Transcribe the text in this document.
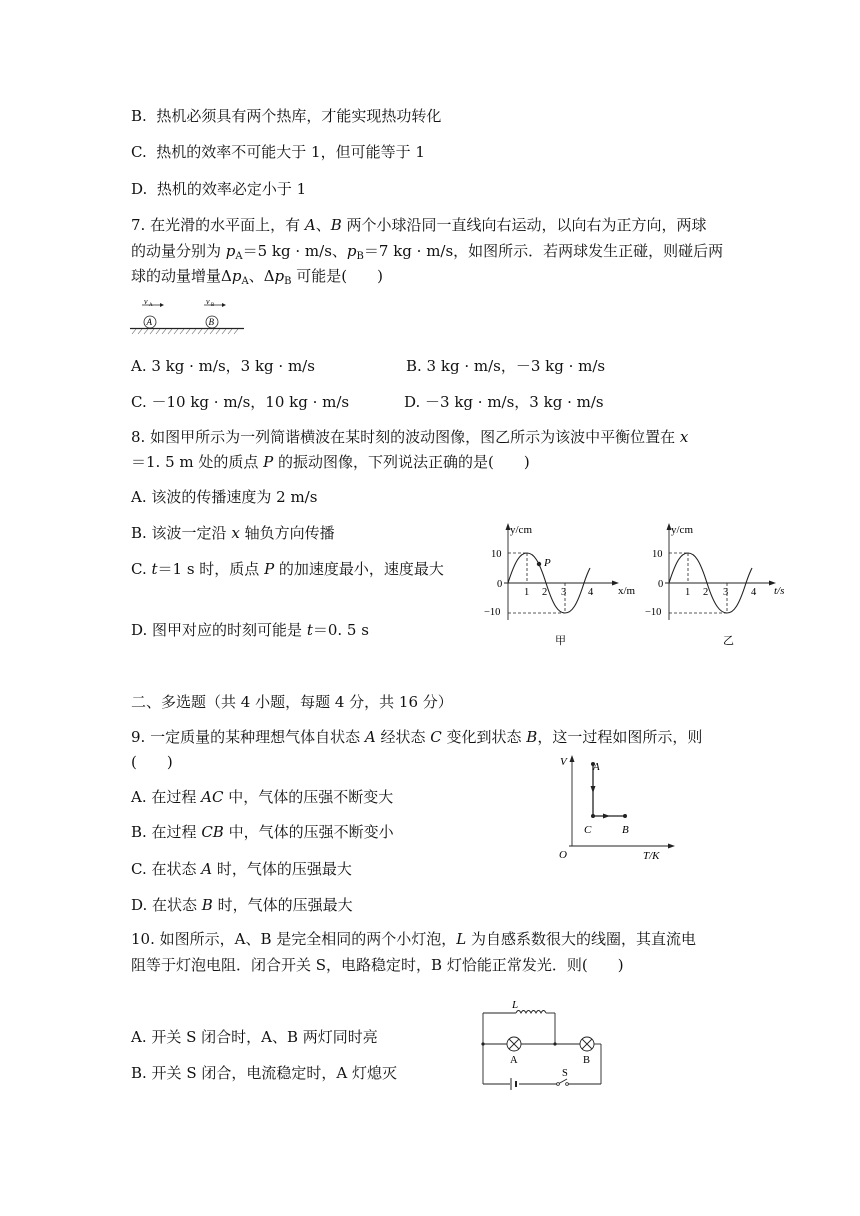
B. 热机必须具有两个热库，才能实现热功转化
C. 热机的效率不可能大于 1，但可能等于 1
D. 热机的效率必定小于 1
7. 在光滑的水平面上，有 A、B 两个小球沿同一直线向右运动，以向右为正方向，两球
的动量分别为 $p_A=5$ kg · m/s、$p_B=7$ kg · m/s，如图所示．若两球发生正碰，则碰后两
球的动量增量$\Delta p_A$、$\Delta p_B$ 可能是(　　)
v A	v B
A	B
A. 3 kg · m/s，3 kg · m/s	B. 3 kg · m/s，－3 kg · m/s
C. －10 kg · m/s，10 kg · m/s	D. －3 kg · m/s，3 kg · m/s
8. 如图甲所示为一列简谐横波在某时刻的波动图像，图乙所示为该波中平衡位置在 x
＝1. 5 m 处的质点 P 的振动图像，下列说法正确的是(　　)
A. 该波的传播速度为 2 m/s
B. 该波一定沿 x 轴负方向传播
C. t＝1 s 时，质点 P 的加速度最小，速度最大
D. 图甲对应的时刻可能是 t＝0. 5 s
y/cm
x/m
10
0
−10
1 2 3 4
P
甲
y/cm
t/s
10
0
−10
1 2 3 4
乙
二、多选题（共 4 小题，每题 4 分，共 16 分）
9. 一定质量的某种理想气体自状态 A 经状态 C 变化到状态 B，这一过程如图所示，则
(　　)
A. 在过程 AC 中，气体的压强不断变大
B. 在过程 CB 中，气体的压强不断变小
C. 在状态 A 时，气体的压强最大
D. 在状态 B 时，气体的压强最大
V
T/K
O
A
C	B
10. 如图所示，A、B 是完全相同的两个小灯泡，L 为自感系数很大的线圈，其直流电
阻等于灯泡电阻．闭合开关 S，电路稳定时，B 灯恰能正常发光．则(　　)
A. 开关 S 闭合时，A、B 两灯同时亮
B. 开关 S 闭合，电流稳定时，A 灯熄灭
L
A	B
S
